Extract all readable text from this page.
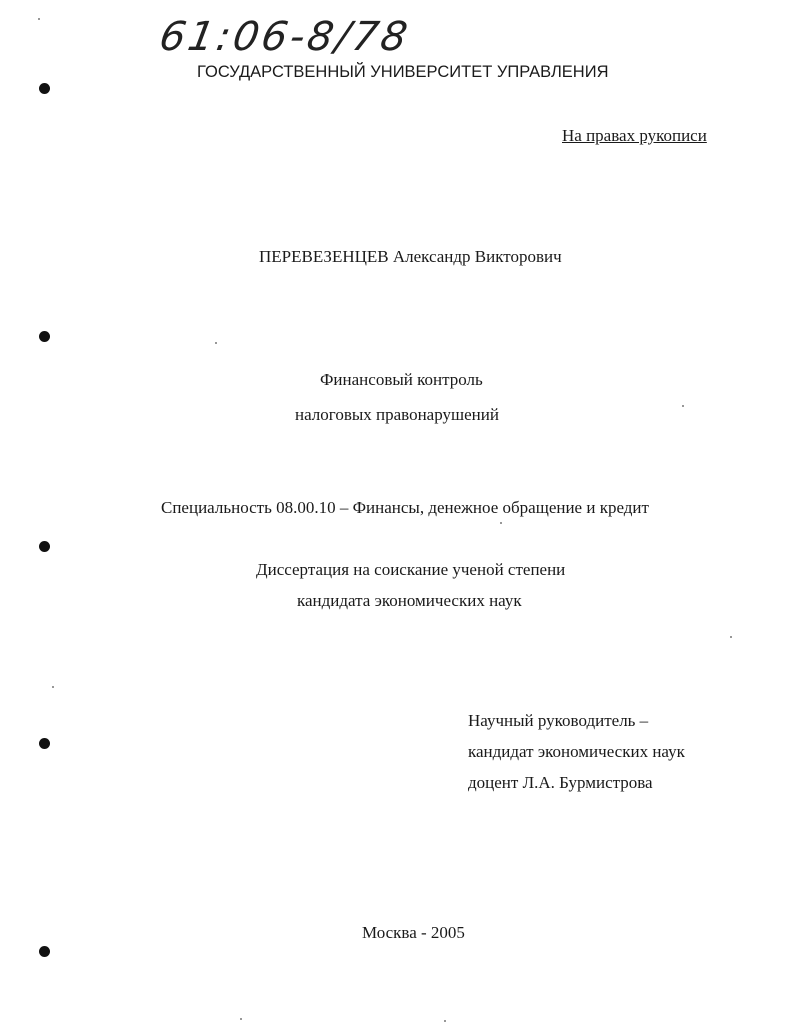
61:06-8/78
ГОСУДАРСТВЕННЫЙ УНИВЕРСИТЕТ УПРАВЛЕНИЯ
На правах рукописи
ПЕРЕВЕЗЕНЦЕВ Александр Викторович
Финансовый контроль
налоговых правонарушений
Специальность 08.00.10 – Финансы, денежное обращение и кредит
Диссертация на соискание ученой степени
кандидата экономических наук
Научный руководитель –
кандидат экономических наук
доцент Л.А. Бурмистрова
Москва - 2005
